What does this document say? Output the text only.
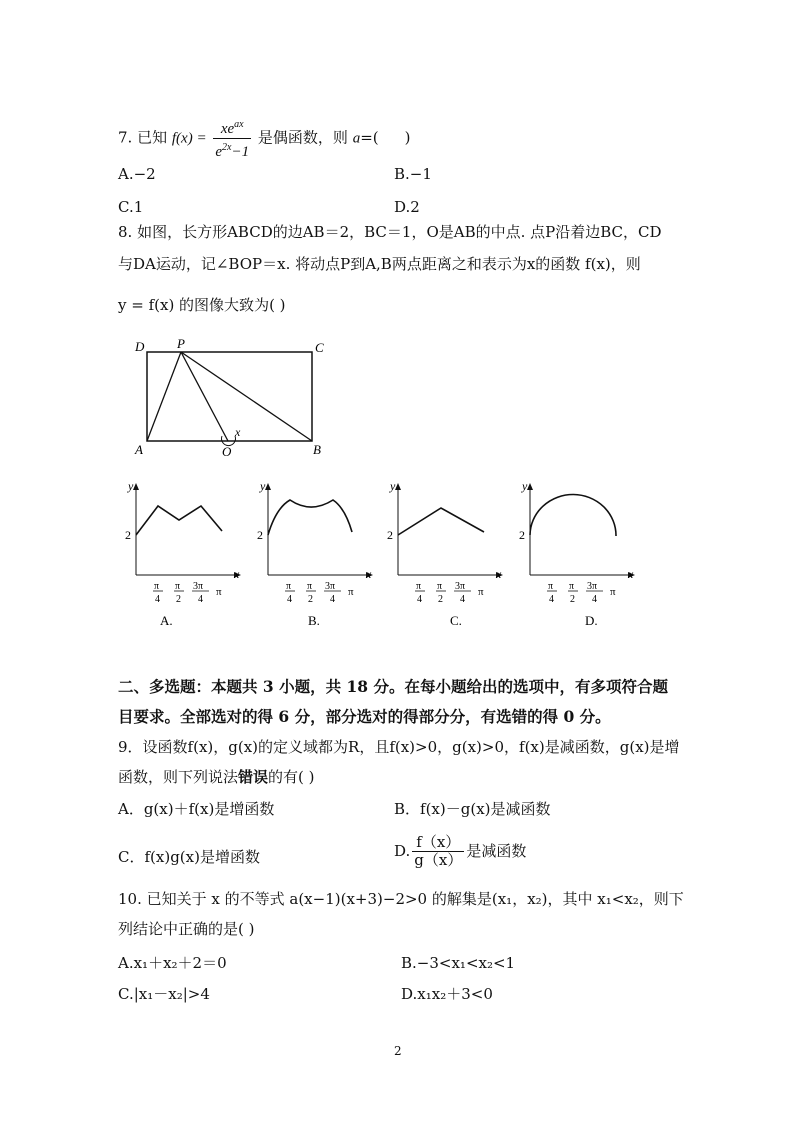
7. 已知 $f(x) = \frac{xe^{ax}}{e^{2x}-1}$ 是偶函数，则 a=( )
A.−2	B.−1
C.1	D.2
8. 如图，长方形ABCD的边AB＝2，BC＝1，O是AB的中点. 点P沿着边BC，CD
与DA运动，记∠BOP＝x. 将动点P到A,B两点距离之和表示为x的函数 f(x)，则
y = f(x) 的图像大致为( )
D	P	C
A	O	B
x
y
x
2
π
4
π
2
3π
4
π
A.
y
x
2
π
4
π
2
3π
4
π
B.
y
x
2
π
4
π
2
3π
4
π
C.
y
x
2
π
4
π
2
3π
4
π
D.
二、多选题：本题共 3 小题，共 18 分。在每小题给出的选项中，有多项符合题
目要求。全部选对的得 6 分，部分选对的得部分分，有选错的得 0 分。
9．设函数f(x)，g(x)的定义域都为R，且f(x)>0，g(x)>0，f(x)是减函数，g(x)是增
函数，则下列说法错误的有( )
A．g(x)＋f(x)是增函数	B．f(x)－g(x)是减函数
C．f(x)g(x)是增函数	D. $\frac{f(x)}{g(x)}$ 是减函数
10. 已知关于 x 的不等式 a(x−1)(x+3)−2>0 的解集是(x₁，x₂)，其中 x₁<x₂，则下
列结论中正确的是( )
A.x₁＋x₂＋2＝0	B.−3<x₁<x₂<1
C.|x₁－x₂|>4	D.x₁x₂＋3<0
2
